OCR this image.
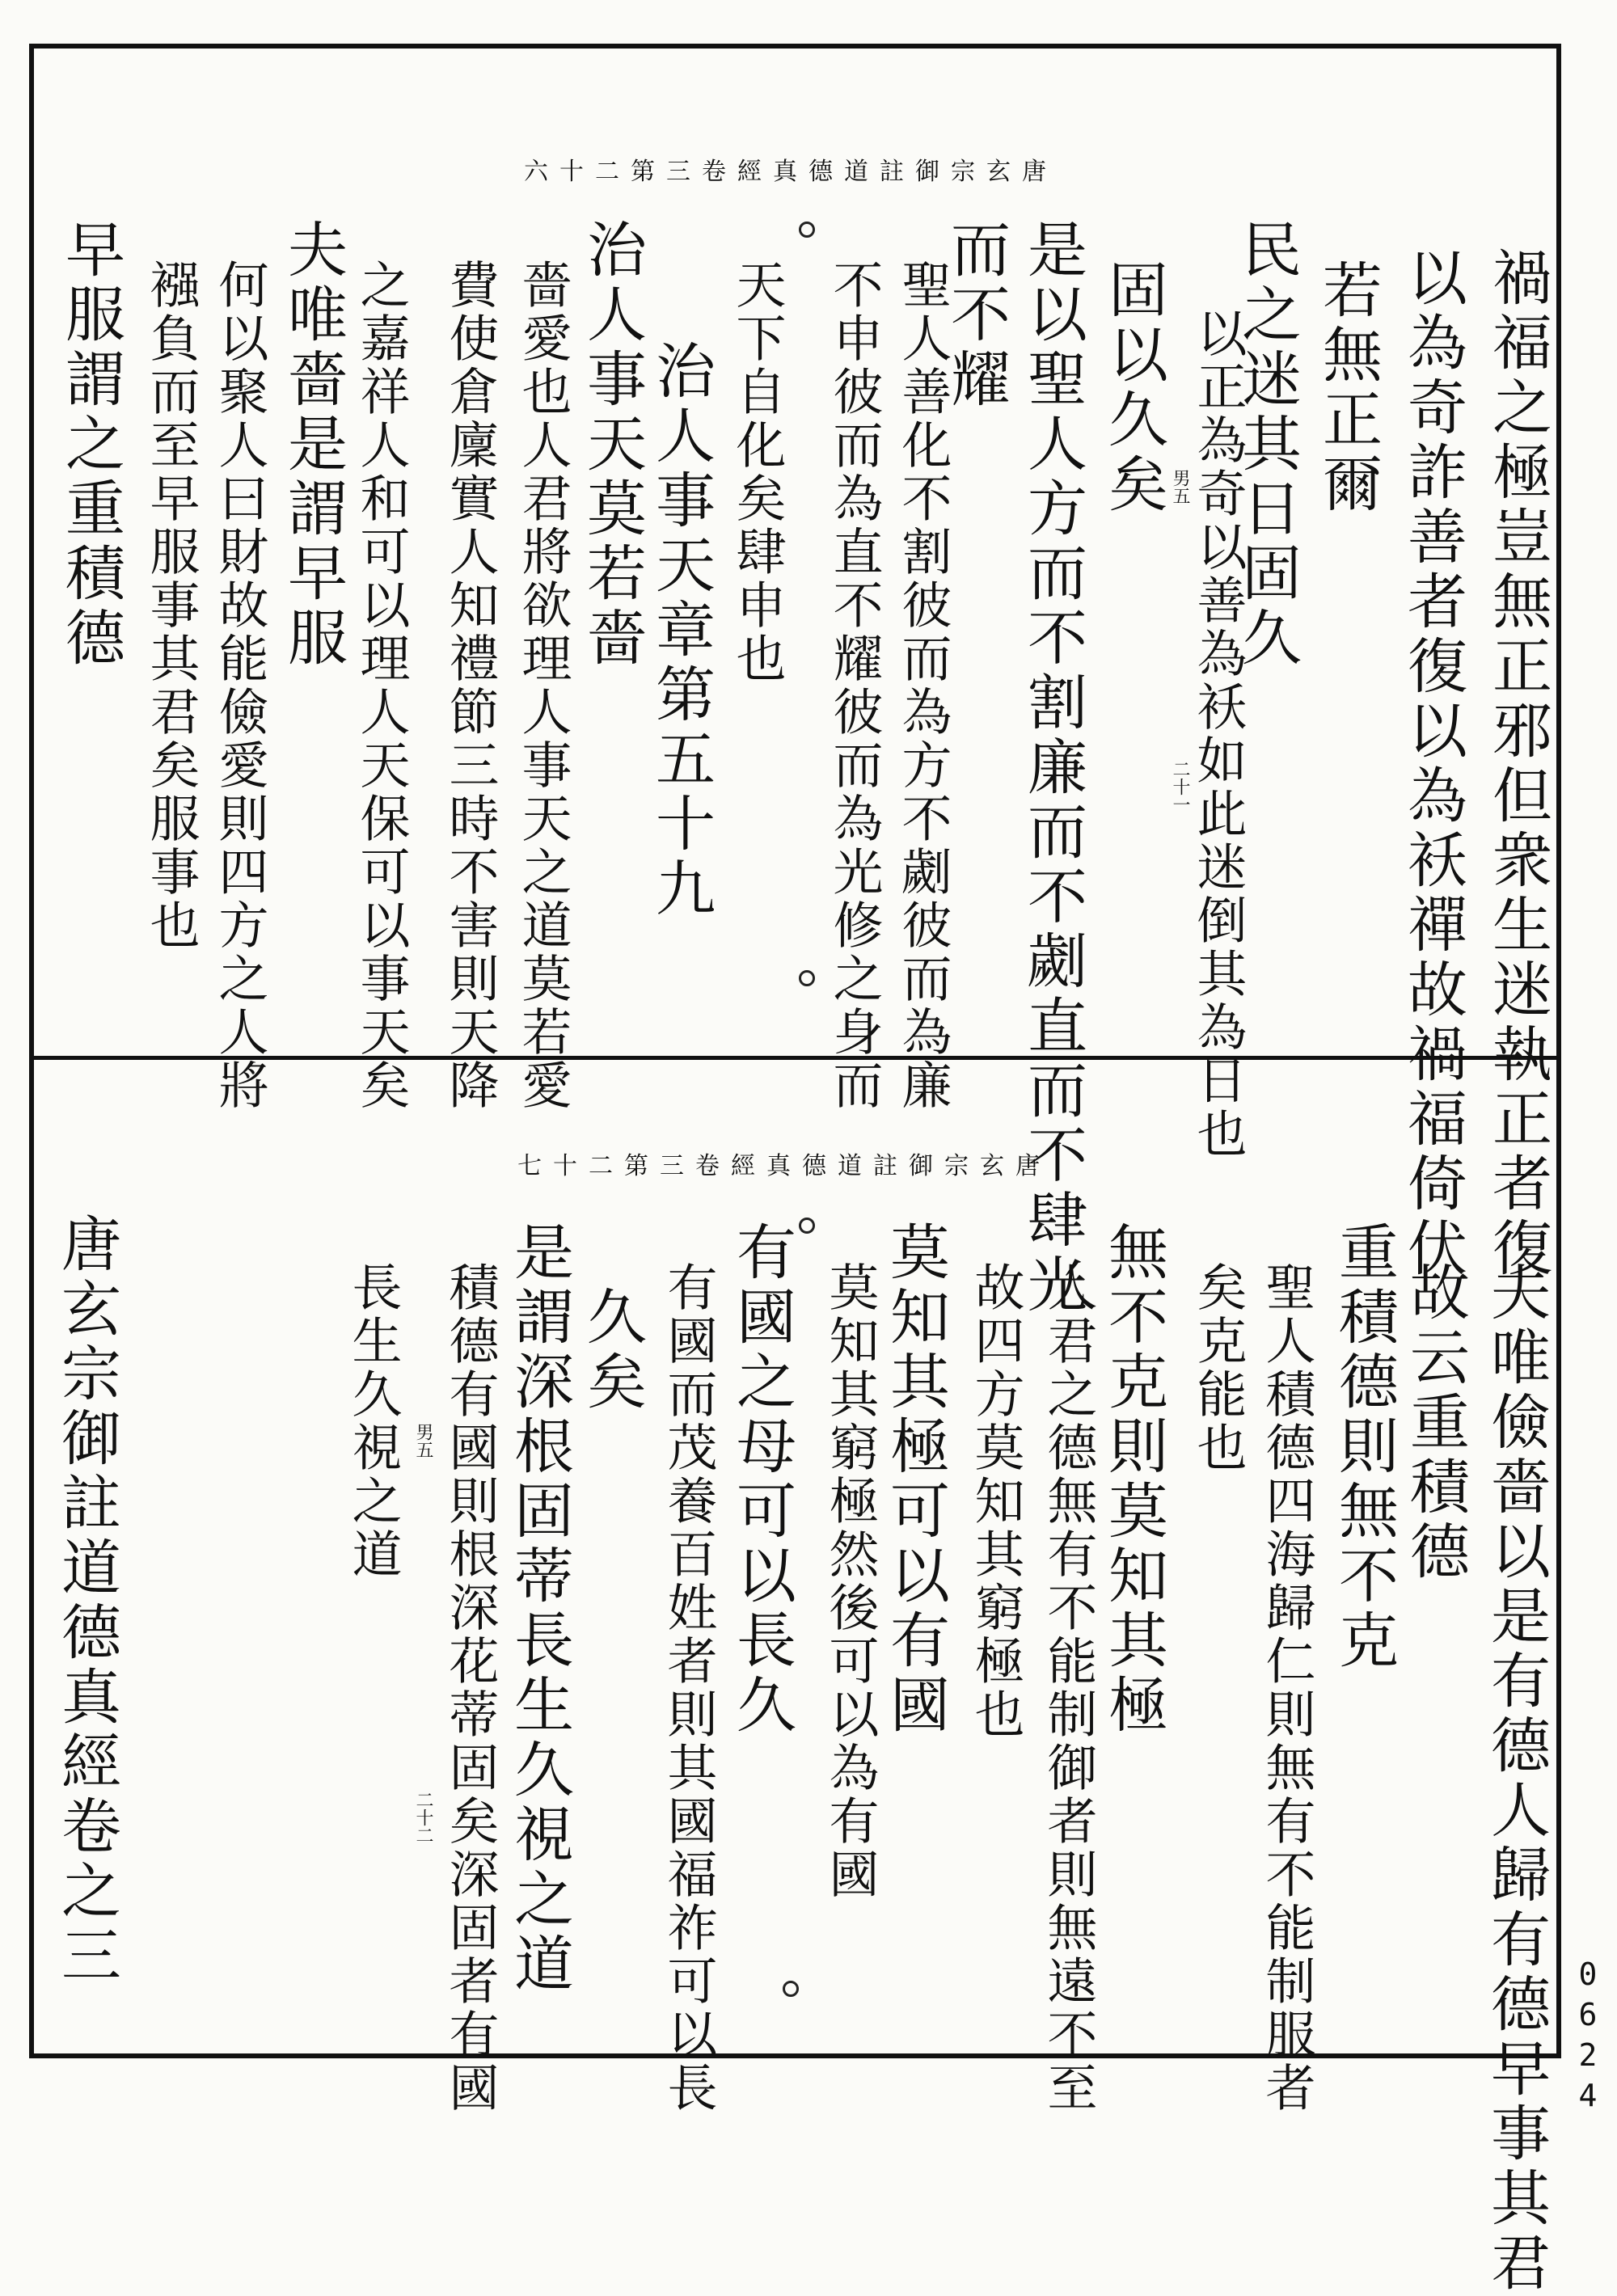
唐玄宗御註道德真經卷三第二十六
禍福之極豈無正邪但衆生迷執正者復
以為奇詐善者復以為袄禪故禍福倚伏
若無正爾
民之迷其日固久
以正為奇以善為袄如此迷倒其為日也
固以久矣
是以聖人方而不割廉而不劌直而不肆光
而不耀
聖人善化不割彼而為方不劌彼而為廉
不申彼而為直不耀彼而為光修之身而
天下自化矣肆申也
治人事天章第五十九
治人事天莫若嗇
嗇愛也人君將欲理人事天之道莫若愛
費使倉廩實人知禮節三時不害則天降
之嘉祥人和可以理人天保可以事天矣
夫唯嗇是謂早服
何以聚人曰財故能儉愛則四方之人將
襁負而至早服事其君矣服事也
早服謂之重積德	男五
二十一
唐玄宗御註道德真經卷三第二十七
夫唯儉嗇以是有德人歸有德早事其君
故云重積德
重積德則無不克
聖人積德四海歸仁則無有不能制服者
矣克能也
無不克則莫知其極
人君之德無有不能制御者則無遠不至
故四方莫知其窮極也
莫知其極可以有國
莫知其窮極然後可以為有國
有國之母可以長久
有國而茂養百姓者則其國福祚可以長
久矣
是謂深根固蒂長生久視之道
積德有國則根深花蒂固矣深固者有國
長生久視之道
唐玄宗御註道德真經卷之三	男五
二十二
0624
